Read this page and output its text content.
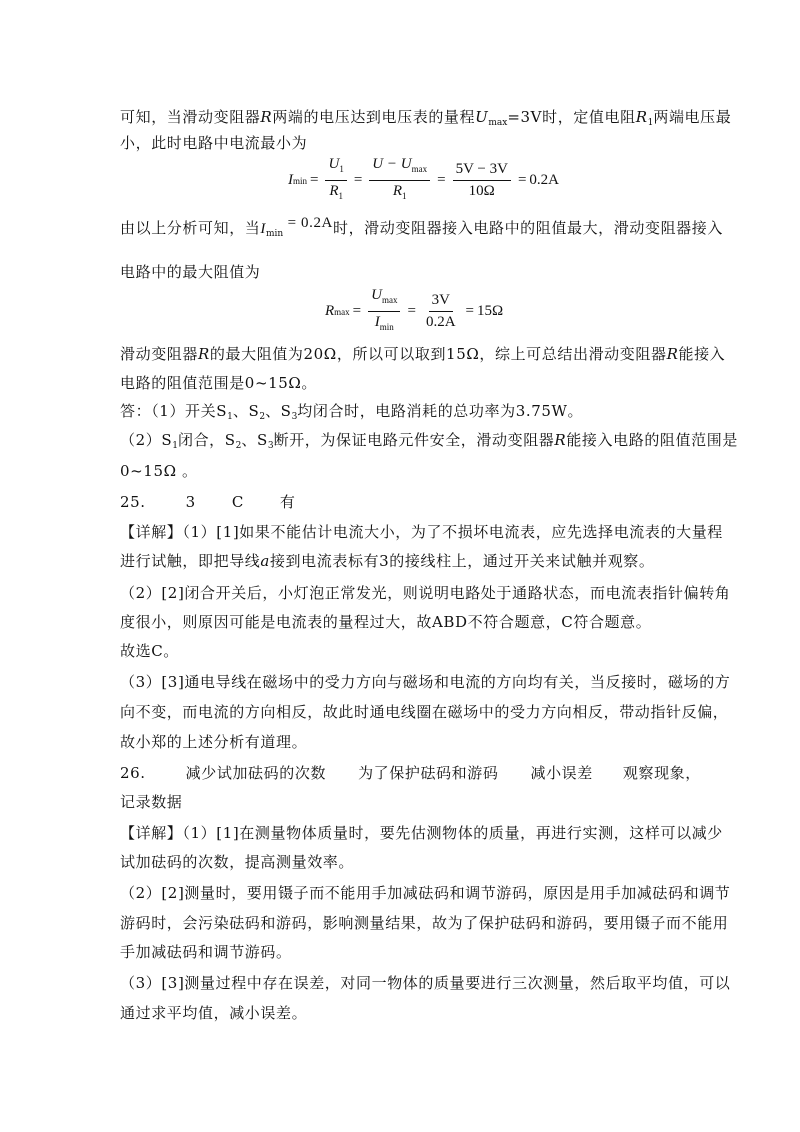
可知，当滑动变阻器R两端的电压达到电压表的量程$U_{max}=3V$时，定值电阻$R_1$两端电压最
小，此时电路中电流最小为
I $\min = \frac{U_1}{R_1} = \frac{U - U_{max}}{R_1} = \frac{5V - 3V}{10\Omega} = 0.2A$
由以上分析可知，当$I_{min} = 0.2A$时，滑动变阻器接入电路中的阻值最大，滑动变阻器接入
电路中的最大阻值为
R $\max = \frac{U_{max}}{I_{min}} = \frac{3V}{0.2A} = 15\Omega$
滑动变阻器R的最大阻值为20Ω，所以可以取到15Ω，综上可总结出滑动变阻器R能接入
电路的阻值范围是0~15Ω。
答：（1）开关$S_1$、$S_2$、$S_3$均闭合时，电路消耗的总功率为3.75W。
$(2)S_1$闭合，$S_2$、$S_3$断开，为保证电路元件安全，滑动变阻器R能接入电路的阻值范围是
0~15Ω 。
25.	3 C 有
【详解】（1）[1]如果不能估计电流大小，为了不损坏电流表，应先选择电流表的大量程
进行试触，即把导线a接到电流表标有3的接线柱上，通过开关来试触并观察。
（2）[2]闭合开关后，小灯泡正常发光，则说明电路处于通路状态，而电流表指针偏转角
度很小，则原因可能是电流表的量程过大，故ABD不符合题意，C符合题意。
故选C。
（3）[3]通电导线在磁场中的受力方向与磁场和电流的方向均有关，当反接时，磁场的方
向不变，而电流的方向相反，故此时通电线圈在磁场中的受力方向相反，带动指针反偏，
故小郑的上述分析有道理。
26.	减少试加砝码的次数 为了保护砝码和游码 减小误差 观察现象，
记录数据
【详解】（1）[1]在测量物体质量时，要先估测物体的质量，再进行实测，这样可以减少
试加砝码的次数，提高测量效率。
（2）[2]测量时，要用镊子而不能用手加减砝码和调节游码，原因是用手加减砝码和调节
游码时，会污染砝码和游码，影响测量结果，故为了保护砝码和游码，要用镊子而不能用
手加减砝码和调节游码。
（3）[3]测量过程中存在误差，对同一物体的质量要进行三次测量，然后取平均值，可以
通过求平均值，减小误差。
